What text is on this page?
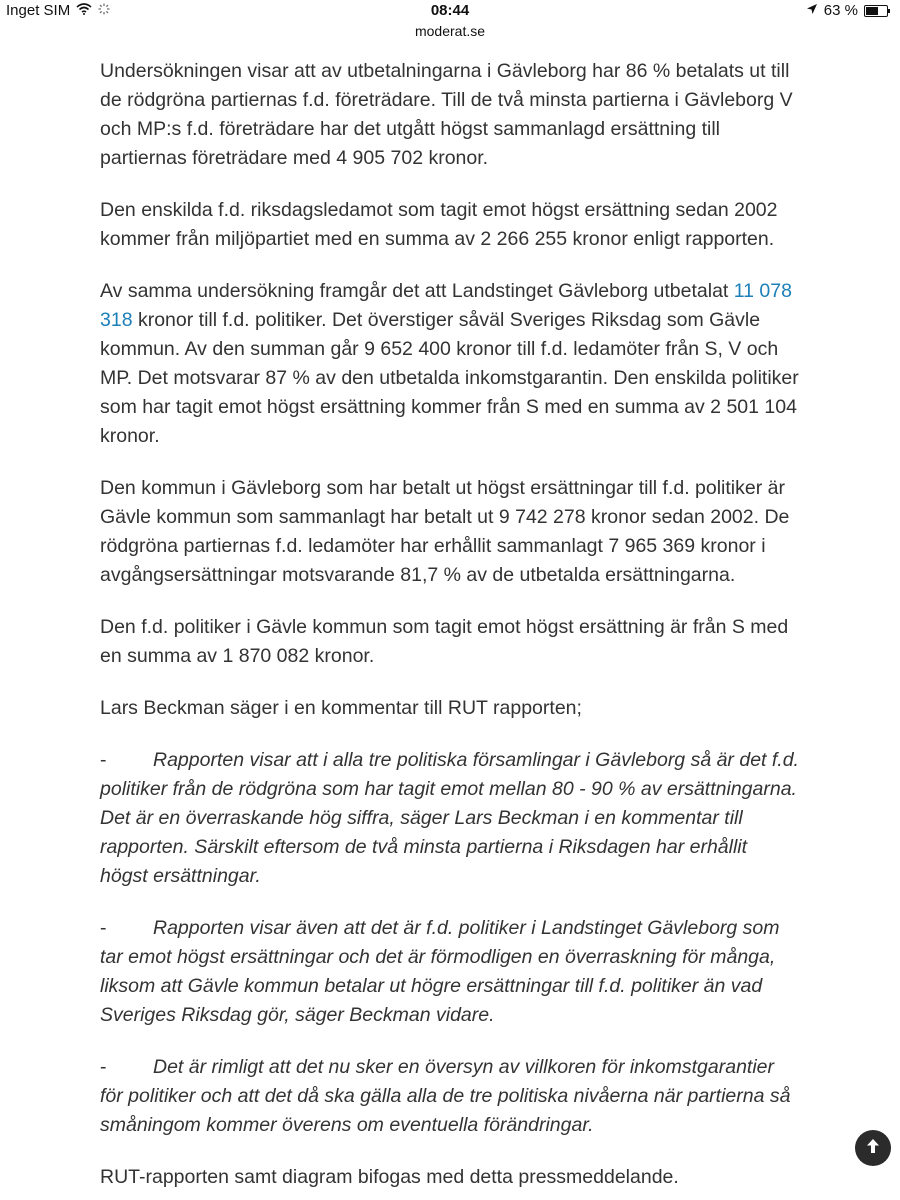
Inget SIM	08:44
moderat.se
63 %

Undersökningen visar att av utbetalningarna i Gävleborg har 86 % betalats ut till de rödgröna partiernas f.d. företrädare. Till de två minsta partierna i Gävleborg V och MP:s f.d. företrädare har det utgått högst sammanlagd ersättning till partiernas företrädare med 4 905 702 kronor.

Den enskilda f.d. riksdagsledamot som tagit emot högst ersättning sedan 2002 kommer från miljöpartiet med en summa av 2 266 255 kronor enligt rapporten.

Av samma undersökning framgår det att Landstinget Gävleborg utbetalat 11 078 318 kronor till f.d. politiker. Det överstiger såväl Sveriges Riksdag som Gävle kommun. Av den summan går 9 652 400 kronor till f.d. ledamöter från S, V och MP. Det motsvarar 87 % av den utbetalda inkomstgarantin. Den enskilda politiker som har tagit emot högst ersättning kommer från S med en summa av 2 501 104 kronor.

Den kommun i Gävleborg som har betalt ut högst ersättningar till f.d. politiker är Gävle kommun som sammanlagt har betalt ut 9 742 278 kronor sedan 2002. De rödgröna partiernas f.d. ledamöter har erhållit sammanlagt 7 965 369 kronor i avgångsersättningar motsvarande 81,7 % av de utbetalda ersättningarna.

Den f.d. politiker i Gävle kommun som tagit emot högst ersättning är från S med en summa av 1 870 082 kronor.

Lars Beckman säger i en kommentar till RUT rapporten;

- Rapporten visar att i alla tre politiska församlingar i Gävleborg så är det f.d. politiker från de rödgröna som har tagit emot mellan 80 - 90 % av ersättningarna. Det är en överraskande hög siffra, säger Lars Beckman i en kommentar till rapporten. Särskilt eftersom de två minsta partierna i Riksdagen har erhållit högst ersättningar.

- Rapporten visar även att det är f.d. politiker i Landstinget Gävleborg som tar emot högst ersättningar och det är förmodligen en överraskning för många, liksom att Gävle kommun betalar ut högre ersättningar till f.d. politiker än vad Sveriges Riksdag gör, säger Beckman vidare.

- Det är rimligt att det nu sker en översyn av villkoren för inkomstgarantier för politiker och att det då ska gälla alla de tre politiska nivåerna när partierna så småningom kommer överens om eventuella förändringar.

RUT-rapporten samt diagram bifogas med detta pressmeddelande.
